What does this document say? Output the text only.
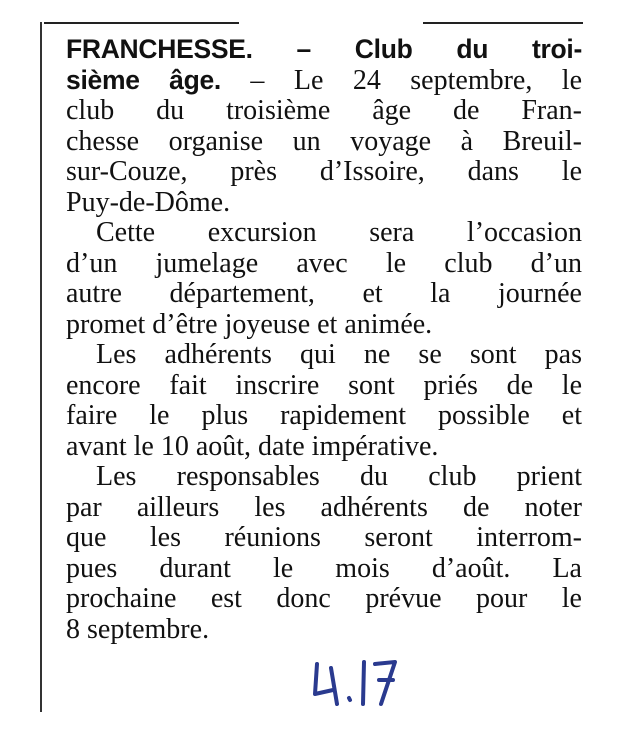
FRANCHESSE. – Club du troi-
sième âge. – Le 24 septembre, le
club du troisième âge de Fran-
chesse organise un voyage à Breuil-
sur-Couze, près d’Issoire, dans le
Puy-de-Dôme.
Cette excursion sera l’occasion
d’un jumelage avec le club d’un
autre département, et la journée
promet d’être joyeuse et animée.
Les adhérents qui ne se sont pas
encore fait inscrire sont priés de le
faire le plus rapidement possible et
avant le 10 août, date impérative.
Les responsables du club prient
par ailleurs les adhérents de noter
que les réunions seront interrom-
pues durant le mois d’août. La
prochaine est donc prévue pour le
8 septembre.
